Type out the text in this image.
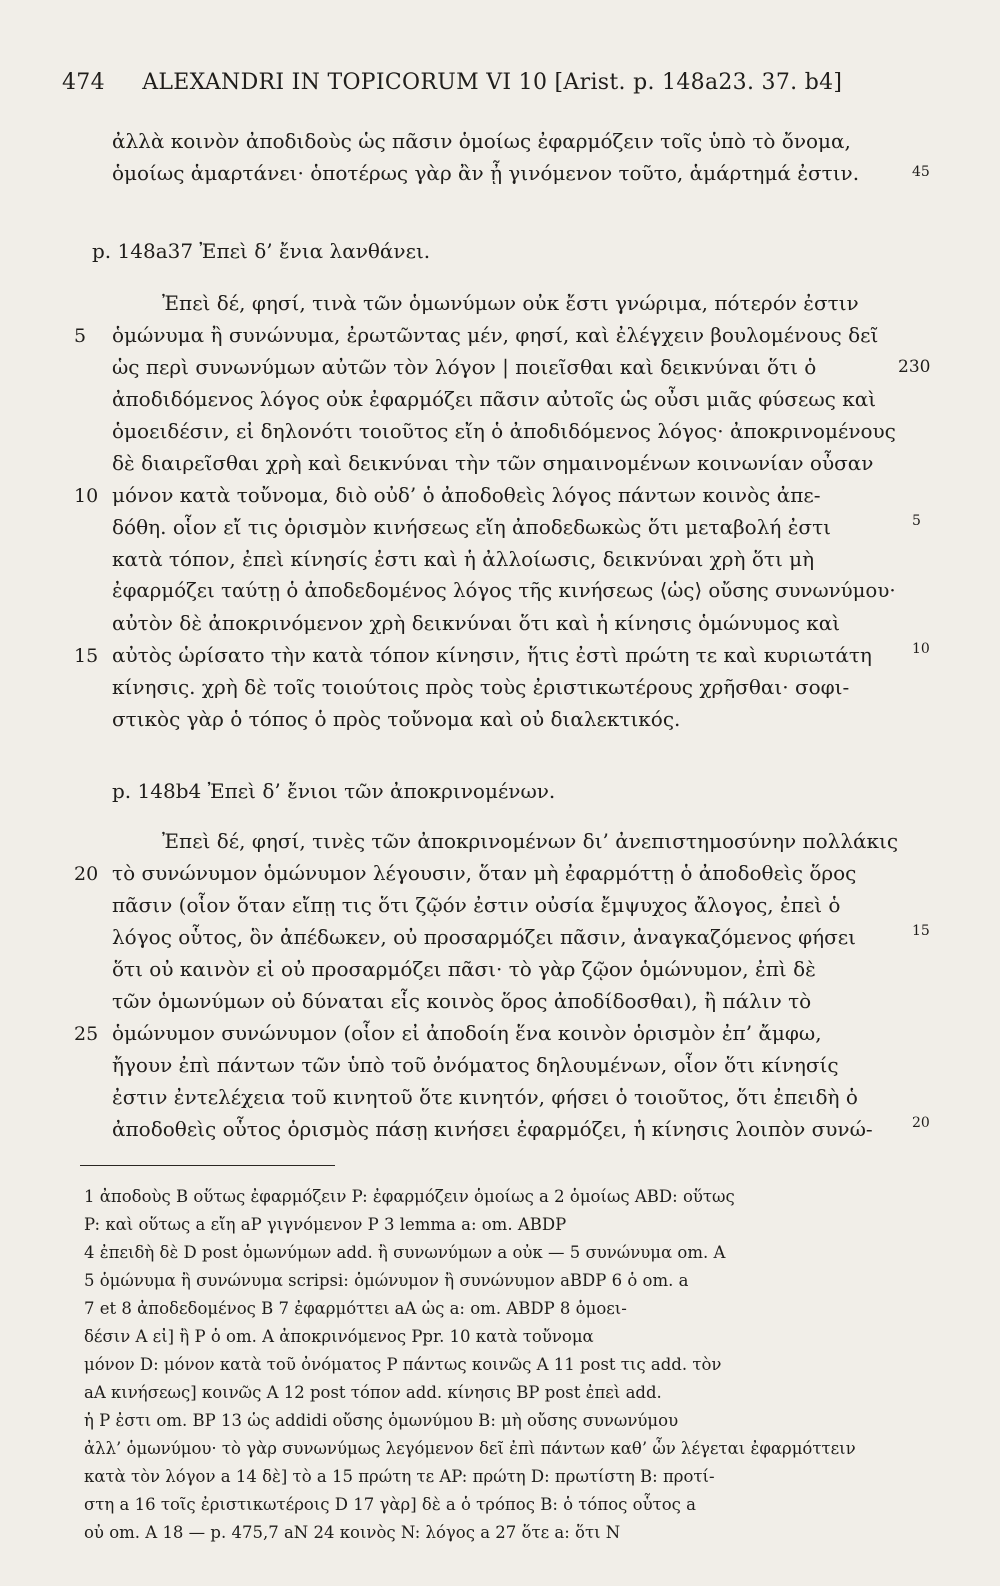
474 ALEXANDRI IN TOPICORUM VI 10 [Arist. p. 148a23. 37. b4]
ἀλλὰ κοινὸν ἀποδιδοὺς ὡς πᾶσιν ὁμοίως ἐφαρμόζειν τοῖς ὑπὸ τὸ ὄνομα,
ὁμοίως ἁμαρτάνει· ὁποτέρως γὰρ ἂν ᾖ γινόμενον τοῦτο, ἁμάρτημά ἐστιν.
p. 148a37 Ἐπεὶ δ’ ἔνια λανθάνει.
Ἐπεὶ δέ, φησί, τινὰ τῶν ὁμωνύμων οὐκ ἔστι γνώριμα, πότερόν ἐστιν
ὁμώνυμα ἢ συνώνυμα, ἐρωτῶντας μέν, φησί, καὶ ἐλέγχειν βουλομένους δεῖ
ὡς περὶ συνωνύμων αὐτῶν τὸν λόγον | ποιεῖσθαι καὶ δεικνύναι ὅτι ὁ
ἀποδιδόμενος λόγος οὐκ ἐφαρμόζει πᾶσιν αὐτοῖς ὡς οὖσι μιᾶς φύσεως καὶ
ὁμοειδέσιν, εἰ δηλονότι τοιοῦτος εἴη ὁ ἀποδιδόμενος λόγος· ἀποκρινομένους
δὲ διαιρεῖσθαι χρὴ καὶ δεικνύναι τὴν τῶν σημαινομένων κοινωνίαν οὖσαν
μόνον κατὰ τοὔνομα, διὸ οὐδ’ ὁ ἀποδοθεὶς λόγος πάντων κοινὸς ἀπε-
δόθη. οἷον εἴ τις ὁρισμὸν κινήσεως εἴη ἀποδεδωκὼς ὅτι μεταβολή ἐστι
κατὰ τόπον, ἐπεὶ κίνησίς ἐστι καὶ ἡ ἀλλοίωσις, δεικνύναι χρὴ ὅτι μὴ
ἐφαρμόζει ταύτῃ ὁ ἀποδεδομένος λόγος τῆς κινήσεως ⟨ὡς⟩ οὔσης συνωνύμου·
αὐτὸν δὲ ἀποκρινόμενον χρὴ δεικνύναι ὅτι καὶ ἡ κίνησις ὁμώνυμος καὶ
αὐτὸς ὡρίσατο τὴν κατὰ τόπον κίνησιν, ἥτις ἐστὶ πρώτη τε καὶ κυριωτάτη
κίνησις. χρὴ δὲ τοῖς τοιούτοις πρὸς τοὺς ἐριστικωτέρους χρῆσθαι· σοφι-
στικὸς γὰρ ὁ τόπος ὁ πρὸς τοὔνομα καὶ οὐ διαλεκτικός.
p. 148b4 Ἐπεὶ δ’ ἔνιοι τῶν ἀποκρινομένων.
Ἐπεὶ δέ, φησί, τινὲς τῶν ἀποκρινομένων δι’ ἀνεπιστημοσύνην πολλάκις
τὸ συνώνυμον ὁμώνυμον λέγουσιν, ὅταν μὴ ἐφαρμόττῃ ὁ ἀποδοθεὶς ὅρος
πᾶσιν (οἷον ὅταν εἴπῃ τις ὅτι ζῷόν ἐστιν οὐσία ἔμψυχος ἄλογος, ἐπεὶ ὁ
λόγος οὗτος, ὃν ἀπέδωκεν, οὐ προσαρμόζει πᾶσιν, ἀναγκαζόμενος φήσει
ὅτι οὐ καινὸν εἰ οὐ προσαρμόζει πᾶσι· τὸ γὰρ ζῷον ὁμώνυμον, ἐπὶ δὲ
τῶν ὁμωνύμων οὐ δύναται εἷς κοινὸς ὅρος ἀποδίδοσθαι), ἢ πάλιν τὸ
ὁμώνυμον συνώνυμον (οἷον εἰ ἀποδοίη ἕνα κοινὸν ὁρισμὸν ἐπ’ ἄμφω,
ἤγουν ἐπὶ πάντων τῶν ὑπὸ τοῦ ὀνόματος δηλουμένων, οἷον ὅτι κίνησίς
ἐστιν ἐντελέχεια τοῦ κινητοῦ ὅτε κινητόν, φήσει ὁ τοιοῦτος, ὅτι ἐπειδὴ ὁ
ἀποδοθεὶς οὗτος ὁρισμὸς πάσῃ κινήσει ἐφαρμόζει, ἡ κίνησις λοιπὸν συνώ-
5
10
15
20
25
45
230
5
10
15
20
1 ἀποδοὺς B οὕτως ἐφαρμόζειν P: ἐφαρμόζειν ὁμοίως a 2 ὁμοίως ABD: οὕτως
P: καὶ οὕτως a εἴη aP γιγνόμενον P 3 lemma a: om. ABDP
4 ἐπειδὴ δὲ D post ὁμωνύμων add. ἢ συνωνύμων a οὐκ — 5 συνώνυμα om. A
5 ὁμώνυμα ἢ συνώνυμα scripsi: ὁμώνυμον ἢ συνώνυμον aBDP 6 ὁ om. a
7 et 8 ἀποδεδομένος B 7 ἐφαρμόττει aA ὡς a: om. ABDP 8 ὁμοει-
δέσιν A εἰ] ἢ P ὁ om. A ἀποκρινόμενος Ppr. 10 κατὰ τοὔνομα
μόνον D: μόνον κατὰ τοῦ ὀνόματος P πάντως κοινῶς A 11 post τις add. τὸν
aA κινήσεως] κοινῶς A 12 post τόπον add. κίνησις BP post ἐπεὶ add.
ἡ P ἐστι om. BP 13 ὡς addidi οὔσης ὁμωνύμου B: μὴ οὔσης συνωνύμου
ἀλλ’ ὁμωνύμου· τὸ γὰρ συνωνύμως λεγόμενον δεῖ ἐπὶ πάντων καθ’ ὧν λέγεται ἐφαρμόττειν
κατὰ τὸν λόγον a 14 δὲ] τὸ a 15 πρώτη τε AP: πρώτη D: πρωτίστη B: προτί-
στη a 16 τοῖς ἐριστικωτέροις D 17 γὰρ] δὲ a ὁ τρόπος B: ὁ τόπος οὗτος a
οὐ om. A 18 — p. 475,7 aN 24 κοινὸς N: λόγος a 27 ὅτε a: ὅτι N
